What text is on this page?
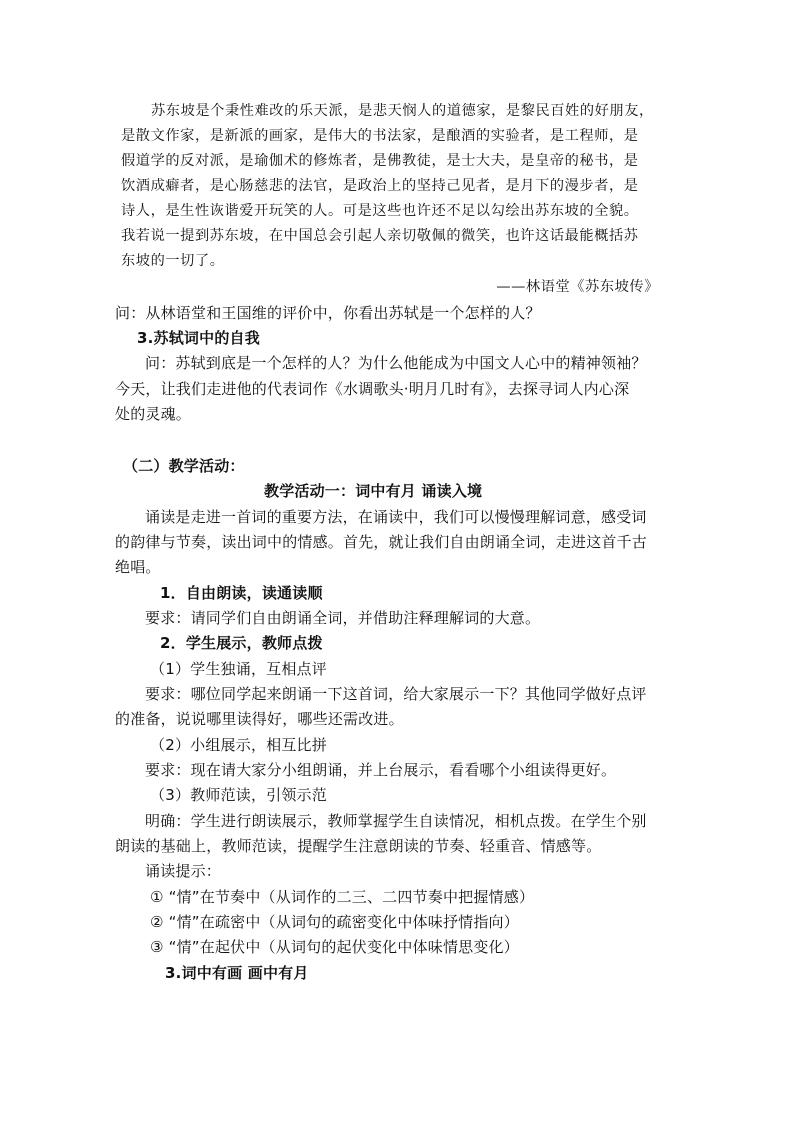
苏东坡是个秉性难改的乐天派，是悲天悯人的道德家，是黎民百姓的好朋友，
是散文作家，是新派的画家，是伟大的书法家，是酿酒的实验者，是工程师，是
假道学的反对派，是瑜伽术的修炼者，是佛教徒，是士大夫，是皇帝的秘书，是
饮酒成癖者，是心肠慈悲的法官，是政治上的坚持己见者，是月下的漫步者，是
诗人，是生性诙谐爱开玩笑的人。可是这些也许还不足以勾绘出苏东坡的全貌。
我若说一提到苏东坡，在中国总会引起人亲切敬佩的微笑，也许这话最能概括苏
东坡的一切了。
——林语堂《苏东坡传》
问：从林语堂和王国维的评价中，你看出苏轼是一个怎样的人？
3.苏轼词中的自我
问：苏轼到底是一个怎样的人？为什么他能成为中国文人心中的精神领袖？
今天，让我们走进他的代表词作《水调歌头·明月几时有》，去探寻词人内心深
处的灵魂。
（二）教学活动：
教学活动一：词中有月 诵读入境
诵读是走进一首词的重要方法，在诵读中，我们可以慢慢理解词意，感受词
的韵律与节奏，读出词中的情感。首先，就让我们自由朗诵全词，走进这首千古
绝唱。
1．自由朗读，读通读顺
要求：请同学们自由朗诵全词，并借助注释理解词的大意。
2．学生展示，教师点拨
（1）学生独诵，互相点评
要求：哪位同学起来朗诵一下这首词，给大家展示一下？其他同学做好点评
的准备，说说哪里读得好，哪些还需改进。
（2）小组展示，相互比拼
要求：现在请大家分小组朗诵，并上台展示，看看哪个小组读得更好。
（3）教师范读，引领示范
明确：学生进行朗读展示，教师掌握学生自读情况，相机点拨。在学生个别
朗读的基础上，教师范读，提醒学生注意朗读的节奏、轻重音、情感等。
诵读提示：
① “情”在节奏中（从词作的二三、二四节奏中把握情感）
② “情”在疏密中（从词句的疏密变化中体味抒情指向）
③ “情”在起伏中（从词句的起伏变化中体味情思变化）
3.词中有画 画中有月
